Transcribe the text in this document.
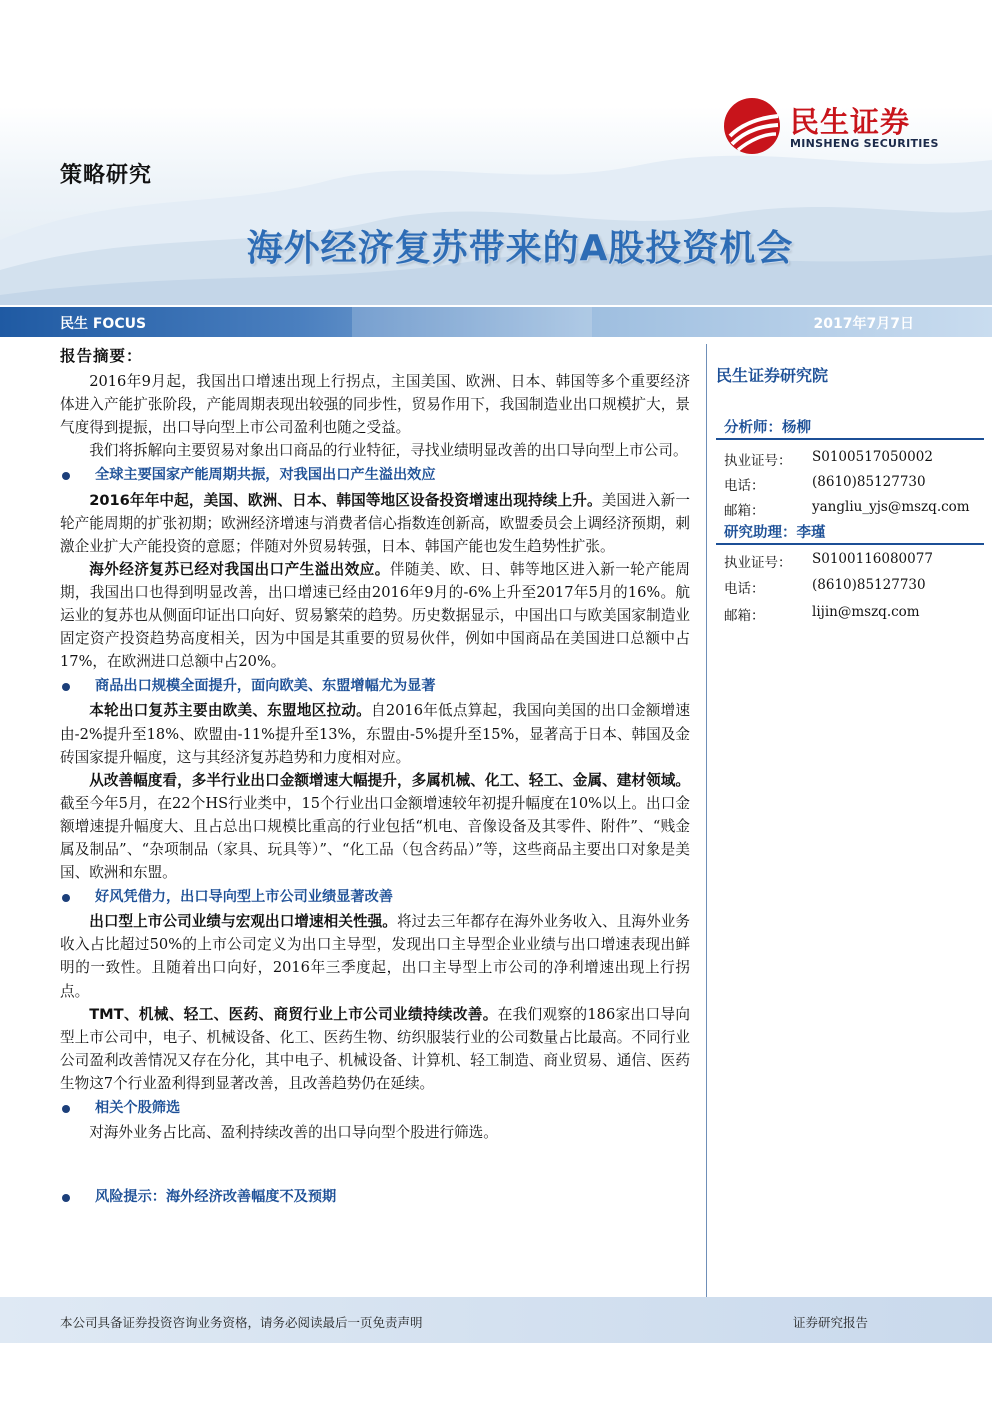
民生证券
MINSHENG SECURITIES
策略研究
海外经济复苏带来的A股投资机会
民生 FOCUS	2017年7月7日
报告摘要：

2016年9月起，我国出口增速出现上行拐点，主国美国、欧洲、日本、韩国等多个重要经济体进入产能扩张阶段，产能周期表现出较强的同步性，贸易作用下，我国制造业出口规模扩大，景气度得到提振，出口导向型上市公司盈利也随之受益。

我们将拆解向主要贸易对象出口商品的行业特征，寻找业绩明显改善的出口导向型上市公司。

全球主要国家产能周期共振，对我国出口产生溢出效应

2016年年中起，美国、欧洲、日本、韩国等地区设备投资增速出现持续上升。美国进入新一轮产能周期的扩张初期；欧洲经济增速与消费者信心指数连创新高，欧盟委员会上调经济预期，刺激企业扩大产能投资的意愿；伴随对外贸易转强，日本、韩国产能也发生趋势性扩张。

海外经济复苏已经对我国出口产生溢出效应。伴随美、欧、日、韩等地区进入新一轮产能周期，我国出口也得到明显改善，出口增速已经由2016年9月的-6%上升至2017年5月的16%。航运业的复苏也从侧面印证出口向好、贸易繁荣的趋势。历史数据显示，中国出口与欧美国家制造业固定资产投资趋势高度相关，因为中国是其重要的贸易伙伴，例如中国商品在美国进口总额中占17%，在欧洲进口总额中占20%。

商品出口规模全面提升，面向欧美、东盟增幅尤为显著

本轮出口复苏主要由欧美、东盟地区拉动。自2016年低点算起，我国向美国的出口金额增速由-2%提升至18%、欧盟由-11%提升至13%，东盟由-5%提升至15%，显著高于日本、韩国及金砖国家提升幅度，这与其经济复苏趋势和力度相对应。

从改善幅度看，多半行业出口金额增速大幅提升，多属机械、化工、轻工、金属、建材领域。截至今年5月，在22个HS行业类中，15个行业出口金额增速较年初提升幅度在10%以上。出口金额增速提升幅度大、且占总出口规模比重高的行业包括“机电、音像设备及其零件、附件”、“贱金属及制品”、“杂项制品（家具、玩具等）”、“化工品（包含药品）”等，这些商品主要出口对象是美国、欧洲和东盟。

好风凭借力，出口导向型上市公司业绩显著改善

出口型上市公司业绩与宏观出口增速相关性强。将过去三年都存在海外业务收入、且海外业务收入占比超过50%的上市公司定义为出口主导型，发现出口主导型企业业绩与出口增速表现出鲜明的一致性。且随着出口向好，2016年三季度起，出口主导型上市公司的净利增速出现上行拐点。

TMT、机械、轻工、医药、商贸行业上市公司业绩持续改善。在我们观察的186家出口导向型上市公司中，电子、机械设备、化工、医药生物、纺织服装行业的公司数量占比最高。不同行业公司盈利改善情况又存在分化，其中电子、机械设备、计算机、轻工制造、商业贸易、通信、医药生物这7个行业盈利得到显著改善，且改善趋势仍在延续。

相关个股筛选

对海外业务占比高、盈利持续改善的出口导向型个股进行筛选。

风险提示：海外经济改善幅度不及预期
民生证券研究院
分析师：杨柳
执业证号： S0100517050002
电话：	(8610)85127730
邮箱：	yangliu_yjs@mszq.com
研究助理：李瑾
执业证号： S0100116080077
电话：	(8610)85127730
邮箱：	lijin@mszq.com
本公司具备证券投资咨询业务资格，请务必阅读最后一页免责声明	证券研究报告
